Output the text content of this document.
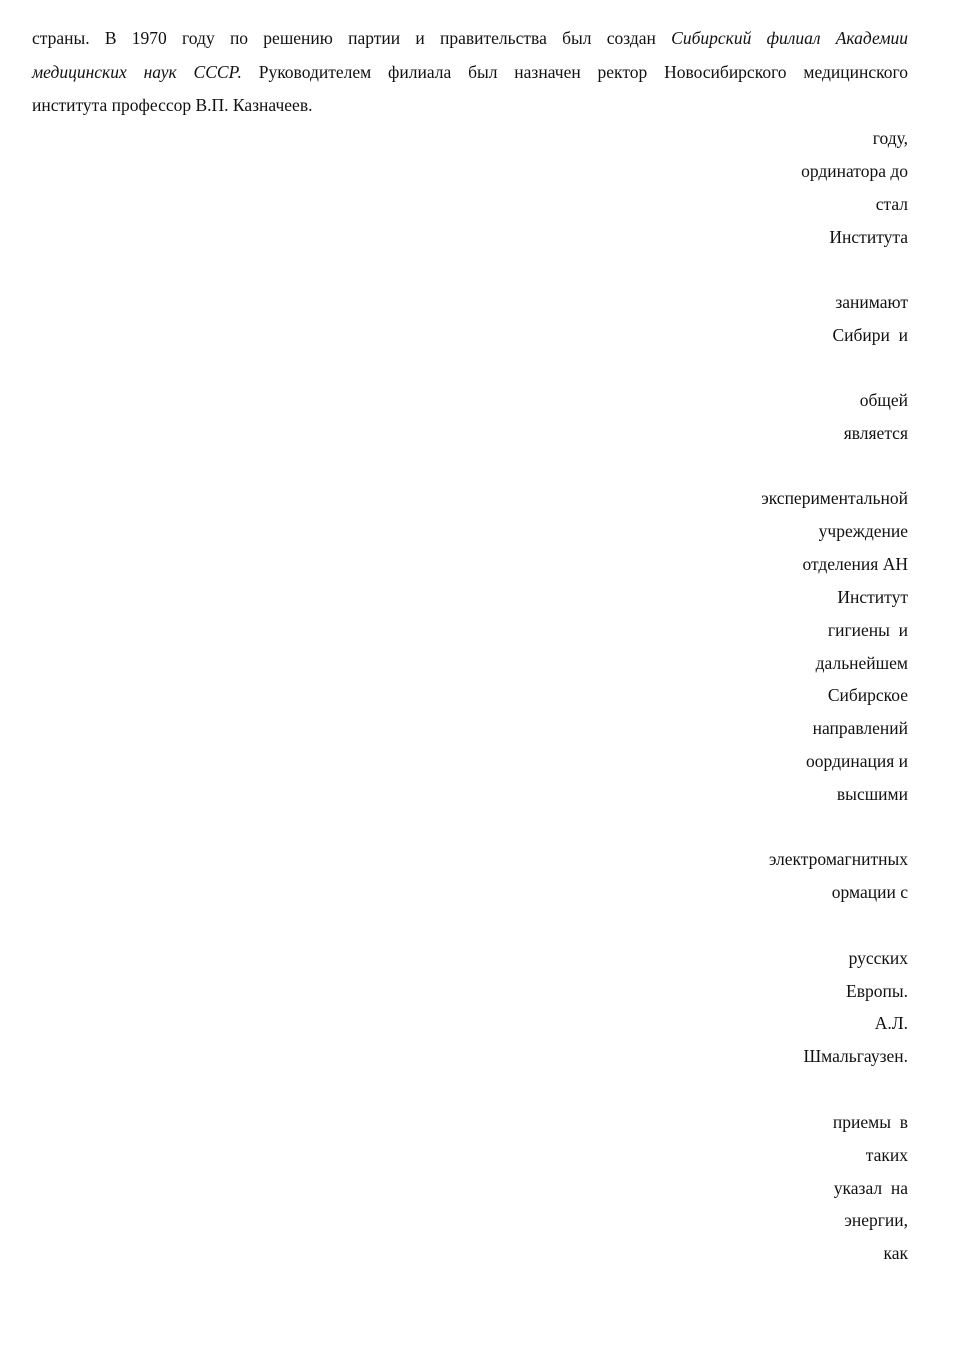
страны. В 1970 году по решению партии и правительства был создан Сибирский филиал Академии
медицинских наук СССР. Руководителем филиала был назначен ректор Новосибирского медицинского
института профессор В.П. Казначеев.

году,
ординатора до
стал
Института
занимают
Сибири  и
общей
является
экспериментальной
учреждение
отделения АН
Институт
гигиены  и
дальнейшем
Сибирское
направлений
оординация и
высшими
электромагнитных
ормации с
русских
Европы.
А.Л.
Шмальгаузен.
приемы  в
таких
указал  на
энергии,
как
